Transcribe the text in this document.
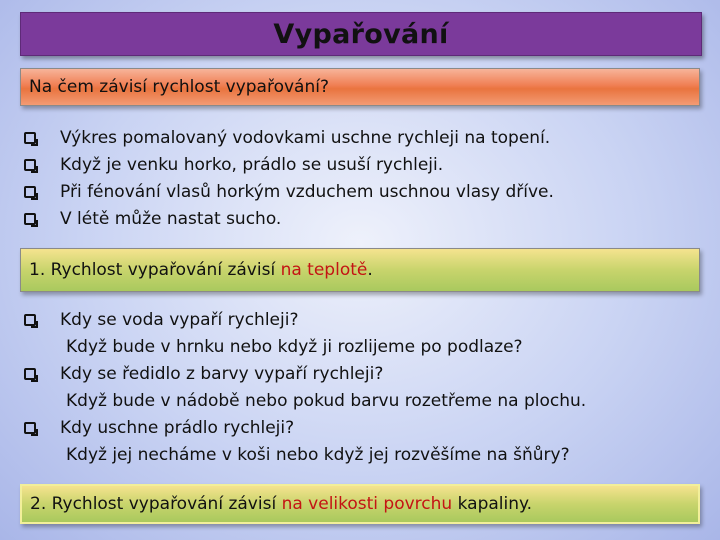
Vypařování
Na čem závisí rychlost vypařování?
Výkres pomalovaný vodovkami uschne rychleji na topení.
Když je venku horko, prádlo se usuší rychleji.
Při fénování vlasů horkým vzduchem uschnou vlasy dříve.
V létě může nastat sucho.
1. Rychlost vypařování závisí na teplotě.
Kdy se voda vypaří rychleji?
Když bude v hrnku nebo když ji rozlijeme po podlaze?
Kdy se ředidlo z barvy vypaří rychleji?
Když bude v nádobě nebo pokud barvu rozetřeme na plochu.
Kdy uschne prádlo rychleji?
Když jej necháme v koši nebo když jej rozvěšíme na šňůry?
2. Rychlost vypařování závisí na velikosti povrchu kapaliny.
